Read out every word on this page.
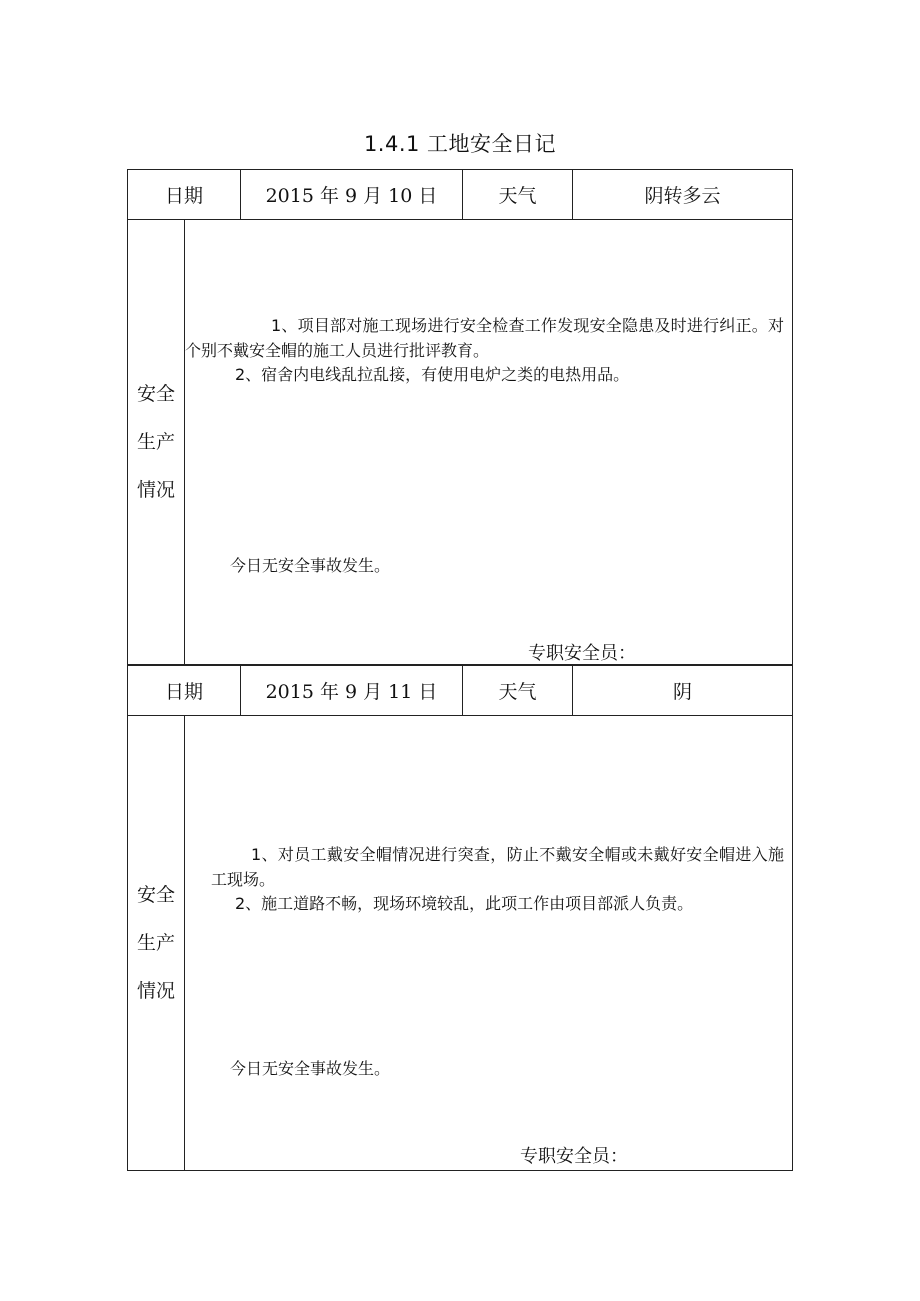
1.4.1 工地安全日记
日期	2015 年 9 月 10 日	天气	阴转多云
安全
生产
情况
1、项目部对施工现场进行安全检查工作发现安全隐患及时进行纠正。对个别不戴安全帽的施工人员进行批评教育。
2、宿舍内电线乱拉乱接，有使用电炉之类的电热用品。
今日无安全事故发生。
专职安全员：
日期	2015 年 9 月 11 日	天气	阴
安全
生产
情况
1、对员工戴安全帽情况进行突查，防止不戴安全帽或未戴好安全帽进入施工现场。
2、施工道路不畅，现场环境较乱，此项工作由项目部派人负责。
今日无安全事故发生。
专职安全员：
